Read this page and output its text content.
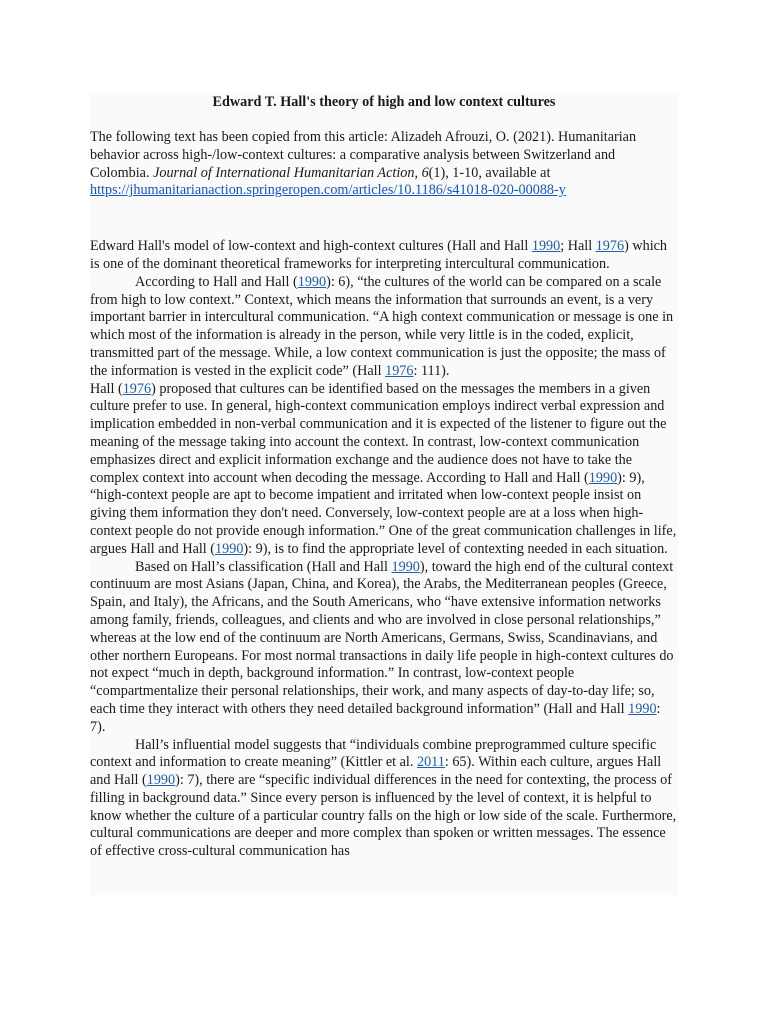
Edward T. Hall's theory of high and low context cultures

The following text has been copied from this article: Alizadeh Afrouzi, O. (2021). Humanitarian behavior across high-/low-context cultures: a comparative analysis between Switzerland and Colombia. Journal of International Humanitarian Action, 6(1), 1-10, available at
https://jhumanitarianaction.springeropen.com/articles/10.1186/s41018-020-00088-y

Edward Hall's model of low-context and high-context cultures (Hall and Hall 1990; Hall 1976) which is one of the dominant theoretical frameworks for interpreting intercultural communication.

According to Hall and Hall (1990): 6), “the cultures of the world can be compared on a scale from high to low context.” Context, which means the information that surrounds an event, is a very important barrier in intercultural communication. “A high context communication or message is one in which most of the information is already in the person, while very little is in the coded, explicit, transmitted part of the message. While, a low context communication is just the opposite; the mass of the information is vested in the explicit code” (Hall 1976: 111).

Hall (1976) proposed that cultures can be identified based on the messages the members in a given culture prefer to use. In general, high-context communication employs indirect verbal expression and implication embedded in non-verbal communication and it is expected of the listener to figure out the meaning of the message taking into account the context. In contrast, low-context communication emphasizes direct and explicit information exchange and the audience does not have to take the complex context into account when decoding the message. According to Hall and Hall (1990): 9), “high-context people are apt to become impatient and irritated when low-context people insist on giving them information they don't need. Conversely, low-context people are at a loss when high-context people do not provide enough information.” One of the great communication challenges in life, argues Hall and Hall (1990): 9), is to find the appropriate level of contexting needed in each situation.

Based on Hall’s classification (Hall and Hall 1990), toward the high end of the cultural context continuum are most Asians (Japan, China, and Korea), the Arabs, the Mediterranean peoples (Greece, Spain, and Italy), the Africans, and the South Americans, who “have extensive information networks among family, friends, colleagues, and clients and who are involved in close personal relationships,” whereas at the low end of the continuum are North Americans, Germans, Swiss, Scandinavians, and other northern Europeans. For most normal transactions in daily life people in high-context cultures do not expect “much in depth, background information.” In contrast, low-context people “compartmentalize their personal relationships, their work, and many aspects of day-to-day life; so, each time they interact with others they need detailed background information” (Hall and Hall 1990: 7).

Hall’s influential model suggests that “individuals combine preprogrammed culture specific context and information to create meaning” (Kittler et al. 2011: 65). Within each culture, argues Hall and Hall (1990): 7), there are “specific individual differences in the need for contexting, the process of filling in background data.” Since every person is influenced by the level of context, it is helpful to know whether the culture of a particular country falls on the high or low side of the scale. Furthermore, cultural communications are deeper and more complex than spoken or written messages. The essence of effective cross-cultural communication has
